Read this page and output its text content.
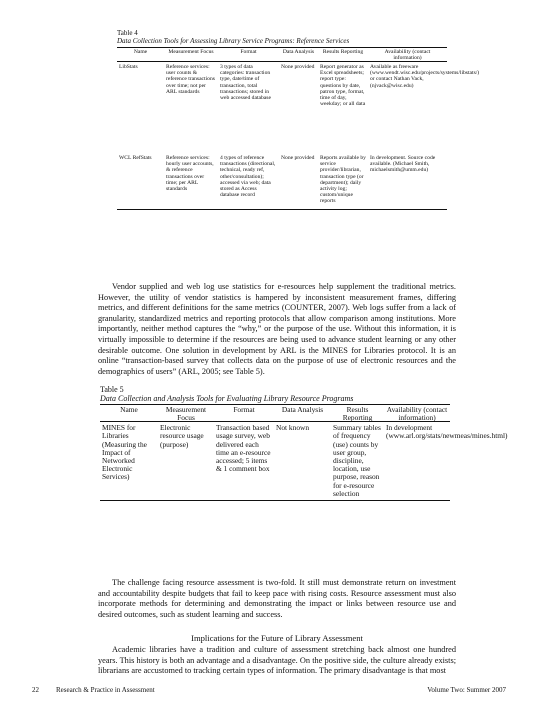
Table 4
Data Collection Tools for Assessing Library Service Programs: Reference Services
Name	Measurement Focus	Format	Data Analysis	Results Reporting	Availability (contact information)
LibStats	Reference services: user counts & reference transactions over time; not per ARL standards	3 types of data categories: transaction type, date/time of transaction, total transactions; stored in web accessed database	None provided	Report generator as Excel spreadsheets; report type: questions by date, patron type, format, time of day, weekday; or all data	Available as freeware (www.wendt.wisc.edu/projects/systems/libstats/) or contact Nathan Vack, (njvack@wisc.edu)
WCL RefStats	Reference services: hourly user accounts, & reference transactions over time; per ARL standards	4 types of reference transactions (directional, technical, ready ref, other/consultation); accessed via web; data stored as Access database record	None provided	Reports available by service provider/librarian, transaction type (or department); daily activity log; custom/unique reports	In development. Source code available. (Michael Smith, michaelsmith@umm.edu)

Vendor supplied and web log use statistics for e-resources help supplement the traditional metrics. However, the utility of vendor statistics is hampered by inconsistent measurement frames, differing metrics, and different definitions for the same metrics (COUNTER, 2007). Web logs suffer from a lack of granularity, standardized metrics and reporting protocols that allow comparison among institutions. More importantly, neither method captures the “why,” or the purpose of the use. Without this information, it is virtually impossible to determine if the resources are being used to advance student learning or any other desirable outcome. One solution in development by ARL is the MINES for Libraries protocol. It is an online “transaction-based survey that collects data on the purpose of use of electronic resources and the demographics of users” (ARL, 2005; see Table 5).

Table 5
Data Collection and Analysis Tools for Evaluating Library Resource Programs
Name	Measurement Focus	Format	Data Analysis	Results Reporting	Availability (contact information)
MINES for Libraries (Measuring the Impact of Networked Electronic Services)	Electronic resource usage (purpose)	Transaction based usage survey, web delivered each time an e-resource accessed; 5 items & 1 comment box	Not known	Summary tables of frequency (use) counts by user group, discipline, location, use purpose, reason for e-resource selection	In development (www.arl.org/stats/newmeas/mines.html)

The challenge facing resource assessment is two-fold. It still must demonstrate return on investment and accountability despite budgets that fail to keep pace with rising costs. Resource assessment must also incorporate methods for determining and demonstrating the impact or links between resource use and desired outcomes, such as student learning and success.

Implications for the Future of Library Assessment

Academic libraries have a tradition and culture of assessment stretching back almost one hundred years. This history is both an advantage and a disadvantage. On the positive side, the culture already exists; librarians are accustomed to tracking certain types of information. The primary disadvantage is that most

22 Research & Practice in Assessment	Volume Two: Summer 2007
